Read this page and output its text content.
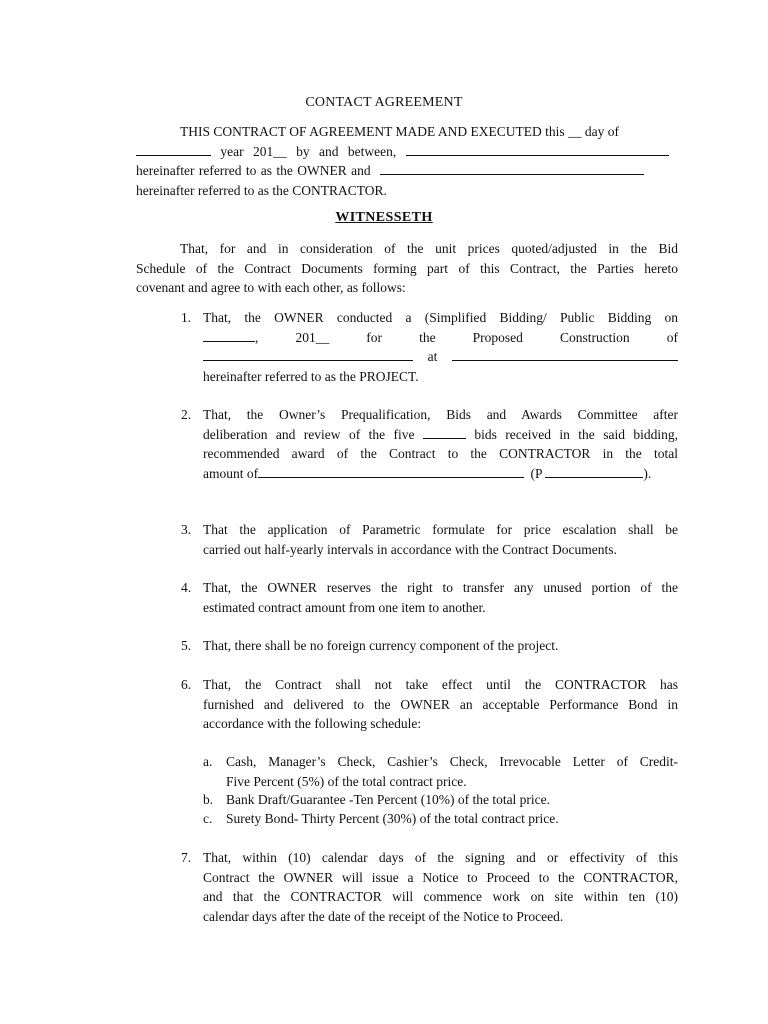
CONTACT AGREEMENT
THIS CONTRACT OF AGREEMENT MADE AND EXECUTED this __ day of
year 201__ by and between,
hereinafter referred to as the OWNER and
hereinafter referred to as the CONTRACTOR.
WITNESSETH
That, for and in consideration of the unit prices quoted/adjusted in the Bid
Schedule of the Contract Documents forming part of this Contract, the Parties hereto
covenant and agree to with each other, as follows:
1. That, the OWNER conducted a (Simplified Bidding/ Public Bidding on

,	201__	for	the	Proposed	Construction	of

at

hereinafter referred to as the PROJECT.

2. That, the Owner’s Prequalification, Bids and Awards Committee after

deliberation and review of the five	bids received in the said bidding,

recommended award of the Contract to the CONTRACTOR in the total

amount of	(P	).

3. That the application of Parametric formulate for price escalation shall be

carried out half-yearly intervals in accordance with the Contract Documents.

4. That, the OWNER reserves the right to transfer any unused portion of the

estimated contract amount from one item to another.

5. That, there shall be no foreign currency component of the project.

6. That, the Contract shall not take effect until the CONTRACTOR has

furnished and delivered to the OWNER an acceptable Performance Bond in

accordance with the following schedule:

a. Cash, Manager’s Check, Cashier’s Check, Irrevocable Letter of Credit-

Five Percent (5%) of the total contract price.

b. Bank Draft/Guarantee -Ten Percent (10%) of the total price.

c. Surety Bond- Thirty Percent (30%) of the total contract price.

7. That, within (10) calendar days of the signing and or effectivity of this

Contract the OWNER will issue a Notice to Proceed to the CONTRACTOR,

and that the CONTRACTOR will commence work on site within ten (10)

calendar days after the date of the receipt of the Notice to Proceed.
